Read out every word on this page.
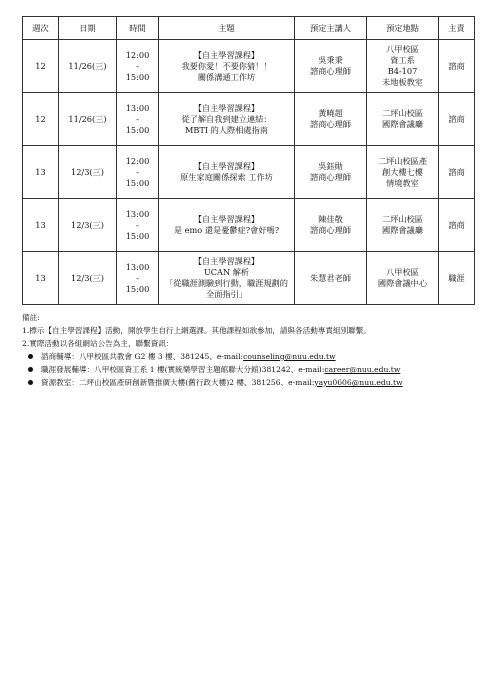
週次	日期	時間	主題	預定主講人	預定地點	主責
12	11/26(三)	12:00
-
15:00	【自主學習課程】
我要你愛！不要你猜！！
關係溝通工作坊	吳秉秉
諮商心理師	八甲校區
資工系
B4-107
未地板教室	諮商
12	11/26(三)	13:00
-
15:00	【自主學習課程】
從了解自我到建立連結：
MBTI 的人際相處指南	黃曉超
諮商心理師	二坪山校區
國際會議廳	諮商
13	12/3(三)	12:00
-
15:00	【自主學習課程】
原生家庭關係探索 工作坊	吳鈺勛
諮商心理師	二坪山校區產
創大樓七樓
情境教室	諮商
13	12/3(三)	13:00
-
15:00	【自主學習課程】
是 emo 還是憂鬱症?會好嗎?	陳佳敬
諮商心理師	二坪山校區
國際會議廳	諮商
13	12/3(三)	13:00
-
15:00	【自主學習課程】
UCAN 解析
「從職涯測驗到行動，職涯規劃的
全面指引」	朱慧君老師	八甲校區
國際會議中心	職涯
備註:
1.標示【自主學習課程】活動，開放學生自行上網選課。其他課程如欲參加，請與各活動專責組別聯繫。
2.實際活動以各組網站公告為主，聯繫資訊：
諮商輔導：八甲校區共教會 G2 樓 3 樓、381245、e-mail:counseling@nuu.edu.tw
職涯發展輔導：八甲校區資工系 1 樓(實統樂學習主題館聯大分館)381242、e-mail:career@nuu.edu.tw
資源教室：二坪山校區產研創新暨推廣大樓(舊行政大樓)2 樓、381256、e-mail:yayu0606@nuu.edu.tw
